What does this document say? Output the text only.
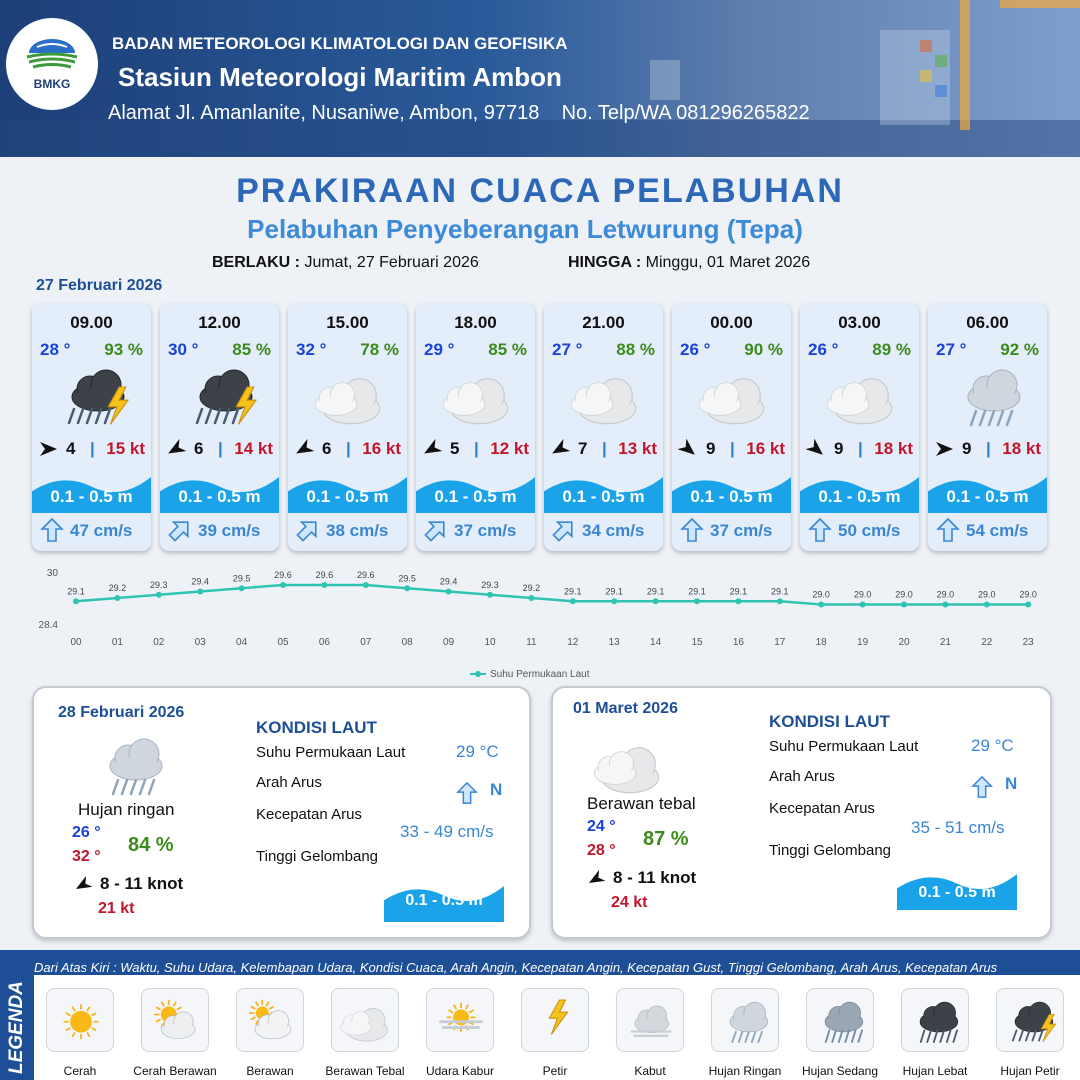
BMKG
BADAN METEOROLOGI KLIMATOLOGI DAN GEOFISIKA
Stasiun Meteorologi Maritim Ambon
Alamat Jl. Amanlanite, Nusaniwe, Ambon, 97718 No. Telp/WA 081296265822
PRAKIRAAN CUACA PELABUHAN
Pelabuhan Penyeberangan Letwurung (Tepa)
BERLAKU : Jumat, 27 Februari 2026	HINGGA : Minggu, 01 Maret 2026
27 Februari 2026
09.00
28 ° 93 %
4 | 15 kt
0.1 - 0.5 m
47 cm/s
12.00
30 ° 85 %
6 | 14 kt
0.1 - 0.5 m
39 cm/s
15.00
32 ° 78 %
6 | 16 kt
0.1 - 0.5 m
38 cm/s
18.00
29 ° 85 %
5 | 12 kt
0.1 - 0.5 m
37 cm/s
21.00
27 ° 88 %
7 | 13 kt
0.1 - 0.5 m
34 cm/s
00.00
26 ° 90 %
9 | 16 kt
0.1 - 0.5 m
37 cm/s
03.00
26 ° 89 %
9 | 18 kt
0.1 - 0.5 m
50 cm/s
06.00
27 ° 92 %
9 | 18 kt
0.1 - 0.5 m
54 cm/s
30
28.4
29.1
00
29.2
01
29.3
02
29.4
03
29.5
04
29.6
05
29.6
06
29.6
07
29.5
08
29.4
09
29.3
10
29.2
11
29.1
12
29.1
13
29.1
14
29.1
15
29.1
16
29.1
17
29.0
18
29.0
19
29.0
20
29.0
21
29.0
22
29.0
23
Suhu Permukaan Laut
28 Februari 2026
Hujan ringan
26 °
32 °
84 %
8 - 11 knot
21 kt
KONDISI LAUT
Suhu Permukaan Laut	29 °C
Arah Arus	N
Kecepatan Arus
33 - 49 cm/s
Tinggi Gelombang
0.1 - 0.5 m
01 Maret 2026
Berawan tebal
24 °
28 °
87 %
8 - 11 knot
24 kt
KONDISI LAUT
Suhu Permukaan Laut	29 °C
Arah Arus	N
Kecepatan Arus
35 - 51 cm/s
Tinggi Gelombang
0.1 - 0.5 m
LEGENDA
Dari Atas Kiri : Waktu, Suhu Udara, Kelembapan Udara, Kondisi Cuaca, Arah Angin, Kecepatan Angin, Kecepatan Gust, Tinggi Gelombang, Arah Arus, Kecepatan Arus
Cerah	Cerah Berawan	Berawan	Berawan Tebal	Udara Kabur	Petir	Kabut	Hujan Ringan	Hujan Sedang	Hujan Lebat	Hujan Petir
